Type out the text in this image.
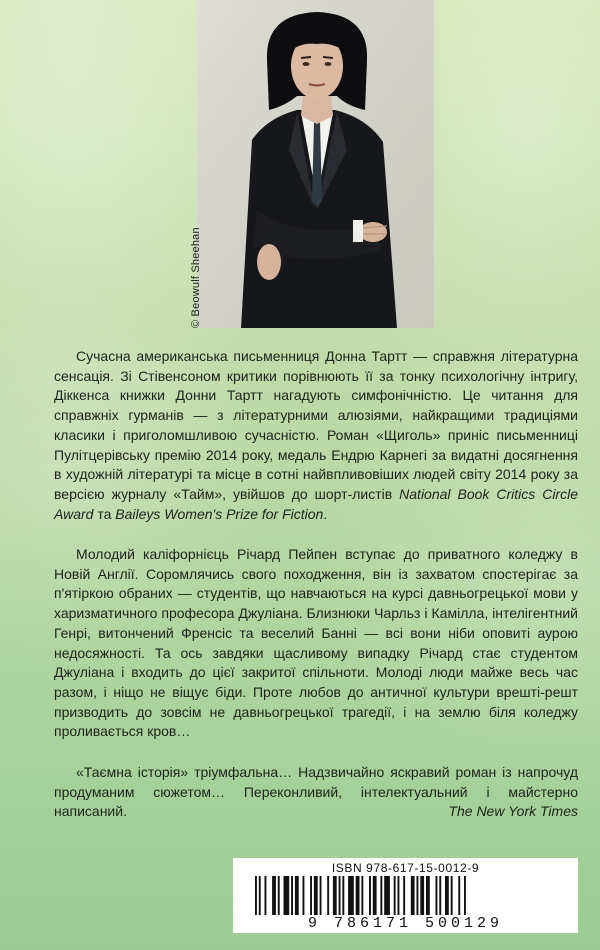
© Beowulf Sheehan

Сучасна американська письменниця Донна Тартт — справжня літературна сенсація. Зі Стівенсоном критики порівнюють її за тонку психологічну інтригу, Діккенса книжки Донни Тартт нагадують симфонічністю. Це читання для справжніх гурманів — з літературними алюзіями, найкращими традиціями класики і приголомшливою сучасністю. Роман «Щиголь» приніс письменниці Пулітцерівську премію 2014 року, медаль Ендрю Карнегі за видатні досягнення в художній літературі та місце в сотні найвпливовіших людей світу 2014 року за версією журналу «Тайм», увійшов до шорт-листів National Book Critics Circle Award та Baileys Women's Prize for Fiction.

Молодий каліфорнієць Річард Пейпен вступає до приватного коледжу в Новій Англії. Соромлячись свого походження, він із захватом спостерігає за п'ятіркою обраних — студентів, що навчаються на курсі давньогрецької мови у харизматичного професора Джуліана. Близнюки Чарльз і Камілла, інтелігентний Генрі, витончений Френсіс та веселий Банні — всі вони ніби оповиті аурою недосяжності. Та ось завдяки щасливому випадку Річард стає студентом Джуліана і входить до цієї закритої спільноти. Молоді люди майже весь час разом, і ніщо не віщує біди. Проте любов до античної культури врешті-решт призводить до зовсім не давньогрецької трагедії, і на землю біля коледжу проливається кров…

«Таємна історія» тріумфальна… Надзвичайно яскравий роман із напрочуд продуманим сюжетом… Переконливий, інтелектуальний і майстерно написаний.	The New York Times
ISBN 978-617-15-0012-9
9 786171 500129
